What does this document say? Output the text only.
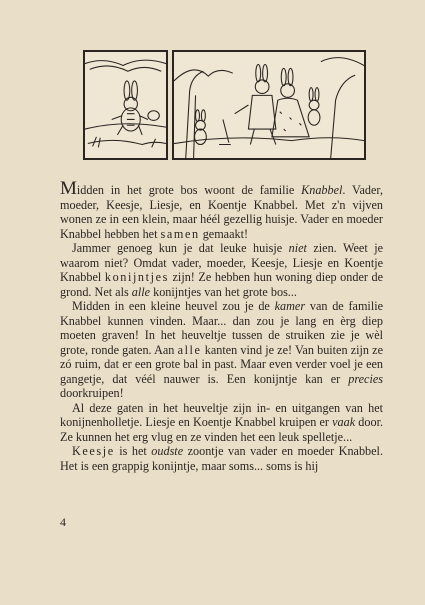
Midden in het grote bos woont de familie Knabbel. Vader, moeder, Keesje, Liesje, en Koentje Knabbel. Met z'n vijven wonen ze in een klein, maar héél gezellig huisje. Vader en moeder Knabbel hebben het samen gemaakt!

Jammer genoeg kun je dat leuke huisje niet zien. Weet je waarom niet? Omdat vader, moeder, Keesje, Liesje en Koentje Knabbel konijntjes zijn! Ze hebben hun woning diep onder de grond. Net als alle konijntjes van het grote bos...

Midden in een kleine heuvel zou je de kamer van de familie Knabbel kunnen vinden. Maar... dan zou je lang en èrg diep moeten graven! In het heuveltje tussen de struiken zie je wèl grote, ronde gaten. Aan alle kanten vind je ze! Van buiten zijn ze zó ruim, dat er een grote bal in past. Maar even verder voel je een gangetje, dat véél nauwer is. Een konijntje kan er precies doorkruipen!

Al deze gaten in het heuveltje zijn in- en uitgangen van het konijnenholletje. Liesje en Koentje Knabbel kruipen er vaak door. Ze kunnen het erg vlug en ze vinden het een leuk spelletje...

Keesje is het oudste zoontje van vader en moeder Knabbel. Het is een grappig konijntje, maar soms... soms is hij

4
